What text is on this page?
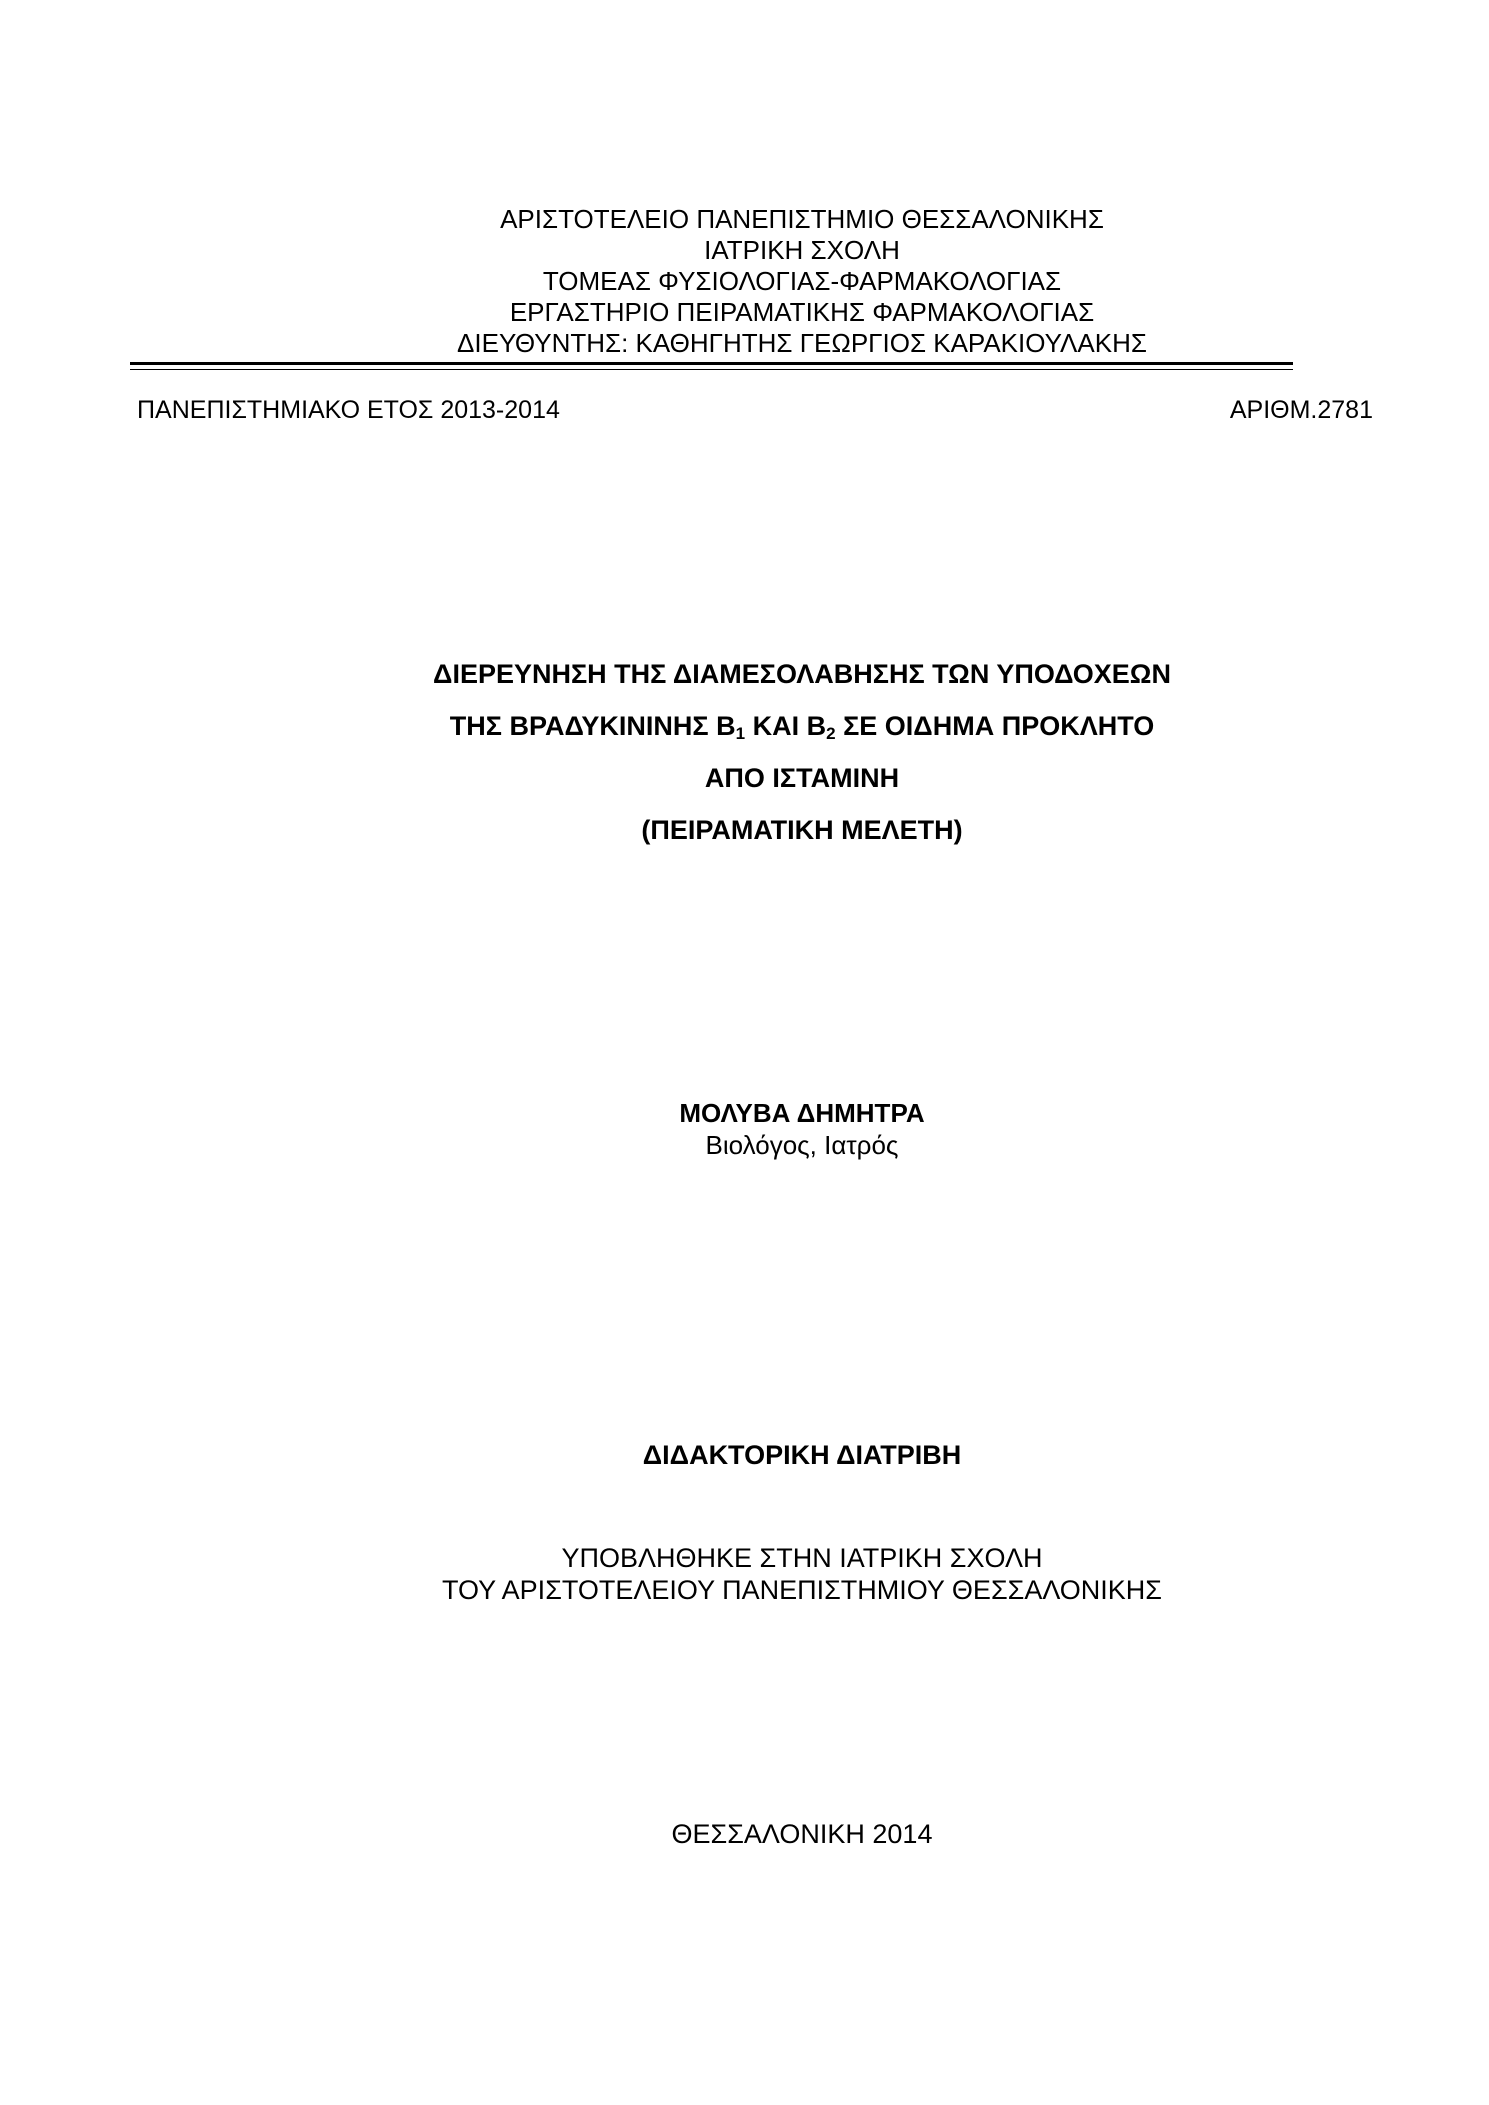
ΑΡΙΣΤΟΤΕΛΕΙΟ ΠΑΝΕΠΙΣΤΗΜΙΟ ΘΕΣΣΑΛΟΝΙΚΗΣ
ΙΑΤΡΙΚΗ ΣΧΟΛΗ
ΤΟΜΕΑΣ ΦΥΣΙΟΛΟΓΙΑΣ-ΦΑΡΜΑΚΟΛΟΓΙΑΣ
ΕΡΓΑΣΤΗΡΙΟ ΠΕΙΡΑΜΑΤΙΚΗΣ ΦΑΡΜΑΚΟΛΟΓΙΑΣ
ΔΙΕΥΘΥΝΤΗΣ: ΚΑΘΗΓΗΤΗΣ ΓΕΩΡΓΙΟΣ ΚΑΡΑΚΙΟΥΛΑΚΗΣ
ΠΑΝΕΠΙΣΤΗΜΙΑΚΟ ΕΤΟΣ 2013-2014	ΑΡΙΘΜ.2781
ΔΙΕΡΕΥΝΗΣΗ ΤΗΣ ΔΙΑΜΕΣΟΛΑΒΗΣΗΣ ΤΩΝ ΥΠΟΔΟΧΕΩΝ
ΤΗΣ ΒΡΑΔΥΚΙΝΙΝΗΣ $B_1$ ΚΑΙ $B_2$ ΣΕ ΟΙΔΗΜΑ ΠΡΟΚΛΗΤΟ
ΑΠΟ ΙΣΤΑΜΙΝΗ
(ΠΕΙΡΑΜΑΤΙΚΗ ΜΕΛΕΤΗ)
ΜΟΛΥΒΑ ΔΗΜΗΤΡΑ
Βιολόγος, Ιατρός
ΔΙΔΑΚΤΟΡΙΚΗ ΔΙΑΤΡΙΒΗ
ΥΠΟΒΛΗΘΗΚΕ ΣΤΗΝ ΙΑΤΡΙΚΗ ΣΧΟΛΗ
ΤΟΥ ΑΡΙΣΤΟΤΕΛΕΙΟΥ ΠΑΝΕΠΙΣΤΗΜΙΟΥ ΘΕΣΣΑΛΟΝΙΚΗΣ
ΘΕΣΣΑΛΟΝΙΚΗ 2014
